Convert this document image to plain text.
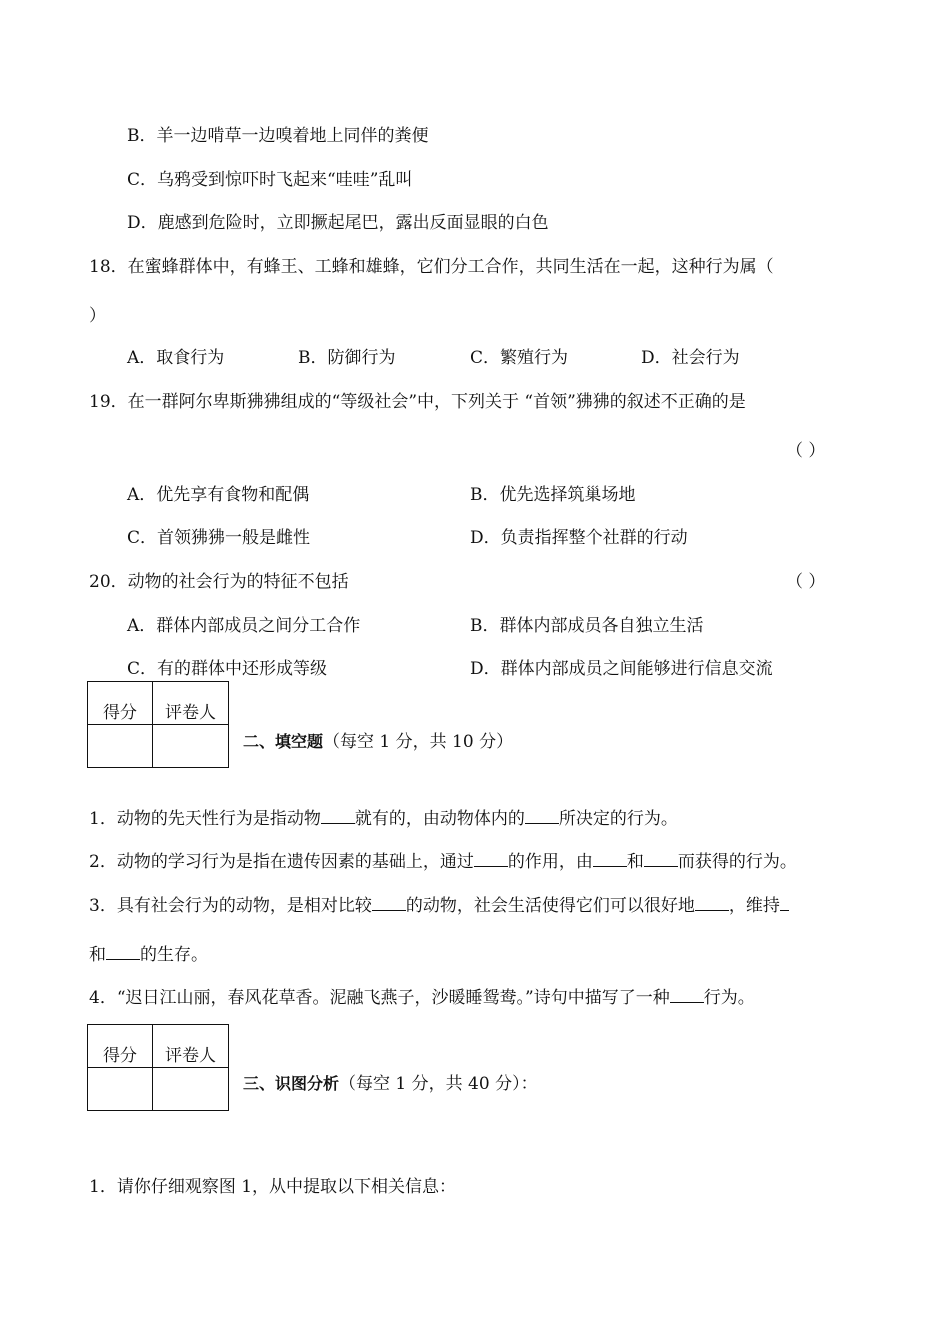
B．羊一边啃草一边嗅着地上同伴的粪便
C．乌鸦受到惊吓时飞起来“哇哇”乱叫
D．鹿感到危险时，立即撅起尾巴，露出反面显眼的白色
18．在蜜蜂群体中，有蜂王、工蜂和雄蜂，它们分工合作，共同生活在一起，这种行为属（
）
A．取食行为	B．防御行为	C．繁殖行为	D．社会行为
19．在一群阿尔卑斯狒狒组成的“等级社会”中，下列关于 “首领”狒狒的叙述不正确的是
（ ）
A．优先享有食物和配偶	B．优先选择筑巢场地
C．首领狒狒一般是雌性	D．负责指挥整个社群的行动
20．动物的社会行为的特征不包括	（ ）
A．群体内部成员之间分工合作	B．群体内部成员各自独立生活
C．有的群体中还形成等级	D．群体内部成员之间能够进行信息交流
得分	评卷人

二、填空题（每空 1 分，共 10 分）
1．动物的先天性行为是指动物 就有的，由动物体内的 所决定的行为。
2．动物的学习行为是指在遗传因素的基础上，通过 的作用，由 和 而获得的行为。
3．具有社会行为的动物，是相对比较 的动物，社会生活使得它们可以很好地 ，维持
和 的生存。
4．“迟日江山丽，春风花草香。泥融飞燕子，沙暖睡鸳鸯。”诗句中描写了一种 行为。
得分	评卷人

三、识图分析（每空 1 分，共 40 分）：
1．请你仔细观察图 1，从中提取以下相关信息：
